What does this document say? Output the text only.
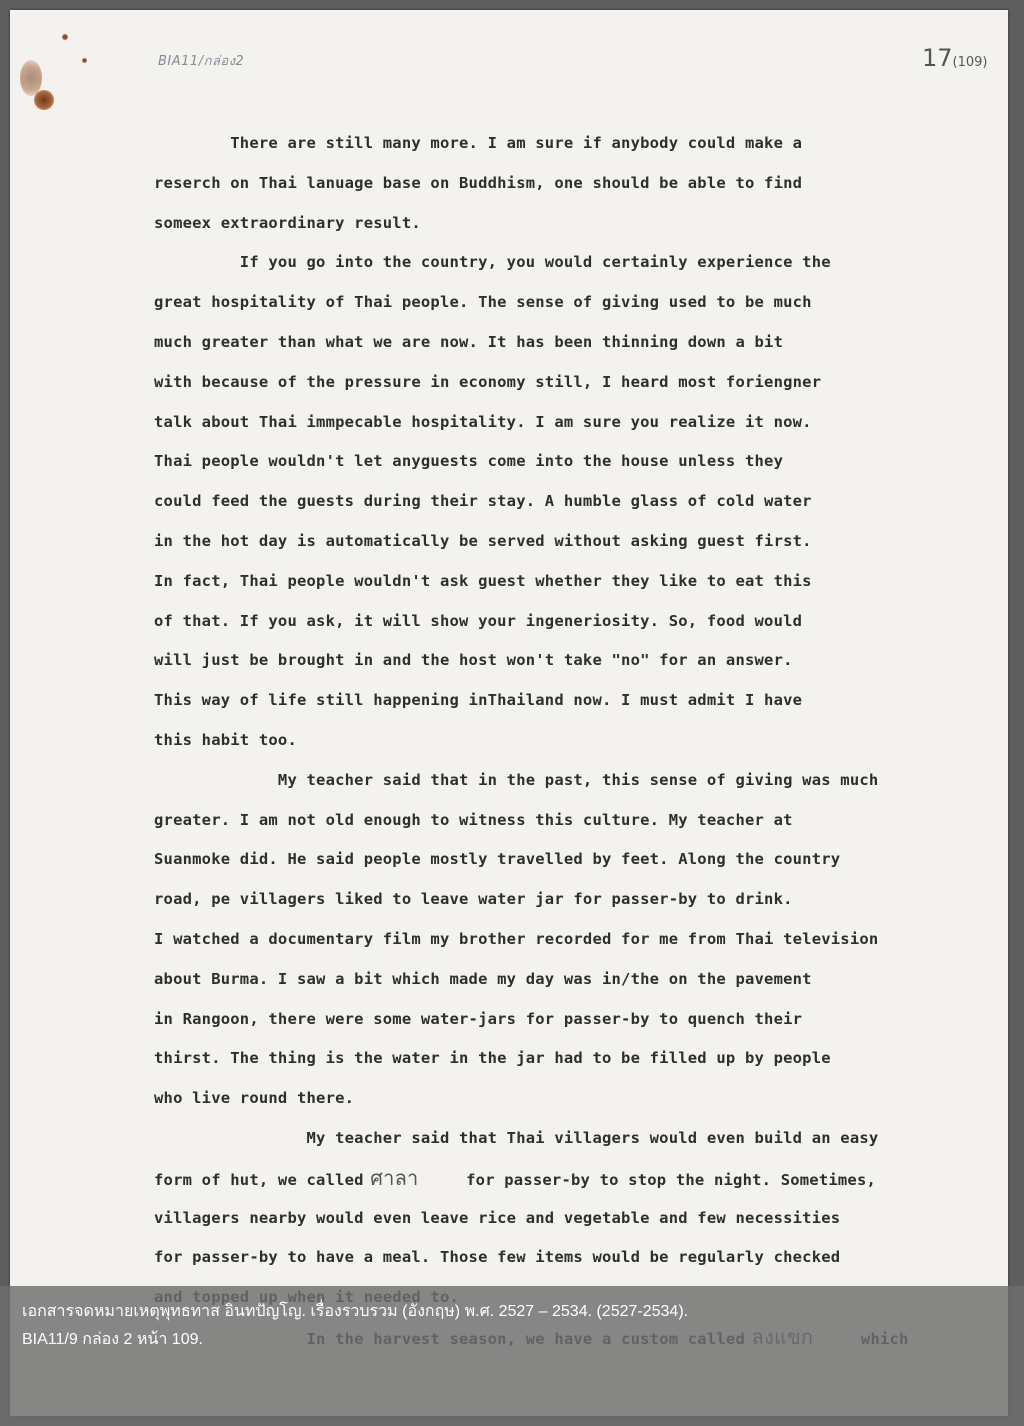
BIA11/กล่อง2	17(109)
There are still many more. I am sure if anybody could make a
reserch on Thai lanuage base on Buddhism, one should be able to find
someex extraordinary result.
If you go into the country, you would certainly experience the
great hospitality of Thai people. The sense of giving used to be much
much greater than what we are now. It has been thinning down a bit
with because of the pressure in economy still, I heard most foriengner
talk about Thai immpecable hospitality. I am sure you realize it now.
Thai people wouldn't let anyguests come into the house unless they
could feed the guests during their stay. A humble glass of cold water
in the hot day is automatically be served without asking guest first.
In fact, Thai people wouldn't ask guest whether they like to eat this
of that. If you ask, it will show your ingeneriosity. So, food would
will just be brought in and the host won't take "no" for an answer.
This way of life still happening inThailand now. I must admit I have
this habit too.
My teacher said that in the past, this sense of giving was much
greater. I am not old enough to witness this culture. My teacher at
Suanmoke did. He said people mostly travelled by feet. Along the country
road, pe villagers liked to leave water jar for passer-by to drink.
I watched a documentary film my brother recorded for me from Thai television
about Burma. I saw a bit which made my day was in/the on the pavement
in Rangoon, there were some water-jars for passer-by to quench their
thirst. The thing is the water in the jar had to be filled up by people
who live round there.
My teacher said that Thai villagers would even build an easy
form of hut, we called ศาลา     for passer-by to stop the night. Sometimes,
villagers nearby would even leave rice and vegetable and few necessities
for passer-by to have a meal. Those few items would be regularly checked
เอกสารจดหมายเหตุพุทธทาส อินทปัญโญ. เรื่องรวบรวม (อังกฤษ) พ.ศ. 2527 – 2534. (2527-2534).
BIA11/9 กล่อง 2 หน้า 109.
